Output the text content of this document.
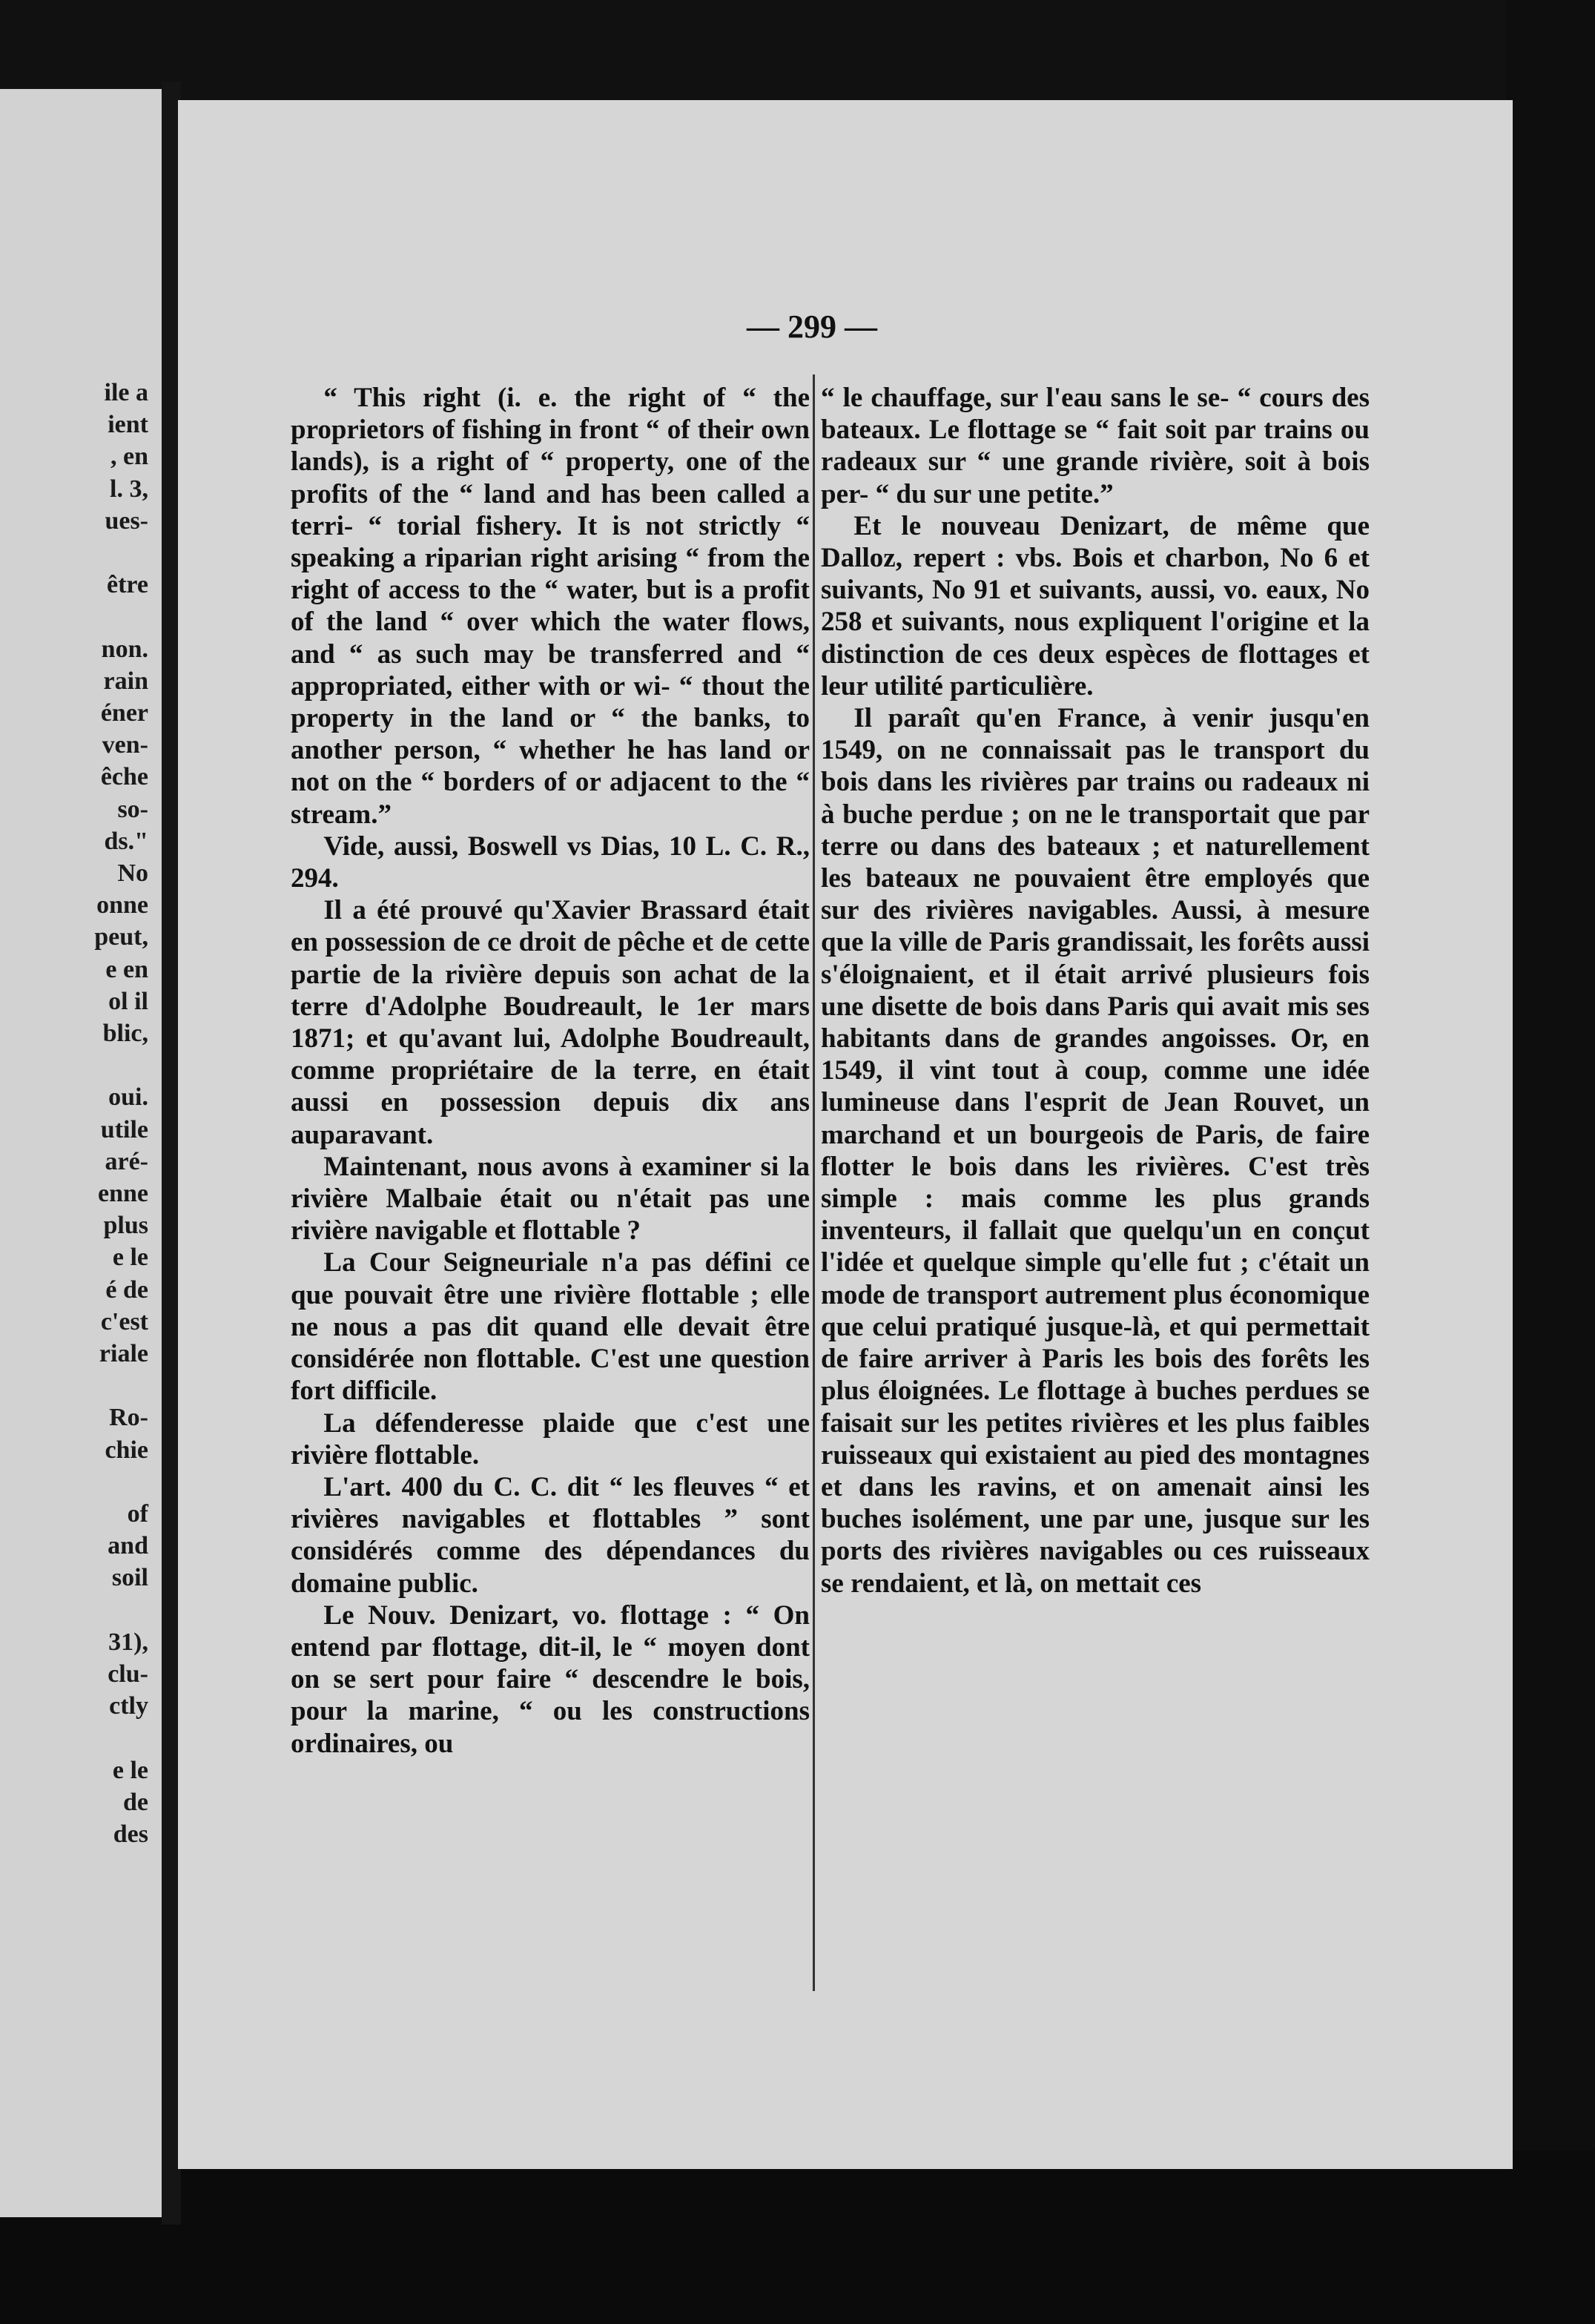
ile a
ient
, en
l. 3,
ues-
être
non.
rain
éner
ven-
êche
so-
ds."
No
onne
peut,
e en
ol il
blic,
oui.
utile
aré-
enne
plus
e le
é de
c'est
riale
Ro-
chie
of
and
soil
31),
clu-
ctly
e le
de
des
— 299 —

“ This right (i. e. the right of “ the proprietors of fishing in front “ of their own lands), is a right of “ property, one of the profits of the “ land and has been called a terri- “ torial fishery. It is not strictly “ speaking a riparian right arising “ from the right of access to the “ water, but is a profit of the land “ over which the water flows, and “ as such may be transferred and “ appropriated, either with or wi- “ thout the property in the land or “ the banks, to another person, “ whether he has land or not on the “ borders of or adjacent to the “ stream.”

Vide, aussi, Boswell vs Dias, 10 L. C. R., 294.

Il a été prouvé qu'Xavier Brassard était en possession de ce droit de pêche et de cette partie de la rivière depuis son achat de la terre d'Adolphe Boudreault, le 1er mars 1871; et qu'avant lui, Adolphe Boudreault, comme propriétaire de la terre, en était aussi en possession depuis dix ans auparavant.

Maintenant, nous avons à examiner si la rivière Malbaie était ou n'était pas une rivière navigable et flottable ?

La Cour Seigneuriale n'a pas défini ce que pouvait être une rivière flottable ; elle ne nous a pas dit quand elle devait être considérée non flottable. C'est une question fort difficile.

La défenderesse plaide que c'est une rivière flottable.

L'art. 400 du C. C. dit “ les fleuves “ et rivières navigables et flottables ” sont considérés comme des dépendances du domaine public.

Le Nouv. Denizart, vo. flottage : “ On entend par flottage, dit-il, le “ moyen dont on se sert pour faire “ descendre le bois, pour la marine, “ ou les constructions ordinaires, ou

“ le chauffage, sur l'eau sans le se- “ cours des bateaux. Le flottage se “ fait soit par trains ou radeaux sur “ une grande rivière, soit à bois per- “ du sur une petite.”

Et le nouveau Denizart, de même que Dalloz, repert : vbs. Bois et charbon, No 6 et suivants, No 91 et suivants, aussi, vo. eaux, No 258 et suivants, nous expliquent l'origine et la distinction de ces deux espèces de flottages et leur utilité particulière.

Il paraît qu'en France, à venir jusqu'en 1549, on ne connaissait pas le transport du bois dans les rivières par trains ou radeaux ni à buche perdue ; on ne le transportait que par terre ou dans des bateaux ; et naturellement les bateaux ne pouvaient être employés que sur des rivières navigables. Aussi, à mesure que la ville de Paris grandissait, les forêts aussi s'éloignaient, et il était arrivé plusieurs fois une disette de bois dans Paris qui avait mis ses habitants dans de grandes angoisses. Or, en 1549, il vint tout à coup, comme une idée lumineuse dans l'esprit de Jean Rouvet, un marchand et un bourgeois de Paris, de faire flotter le bois dans les rivières. C'est très simple : mais comme les plus grands inventeurs, il fallait que quelqu'un en conçut l'idée et quelque simple qu'elle fut ; c'était un mode de transport autrement plus économique que celui pratiqué jusque-là, et qui permettait de faire arriver à Paris les bois des forêts les plus éloignées. Le flottage à buches perdues se faisait sur les petites rivières et les plus faibles ruisseaux qui existaient au pied des montagnes et dans les ravins, et on amenait ainsi les buches isolément, une par une, jusque sur les ports des rivières navigables ou ces ruisseaux se rendaient, et là, on mettait ces
